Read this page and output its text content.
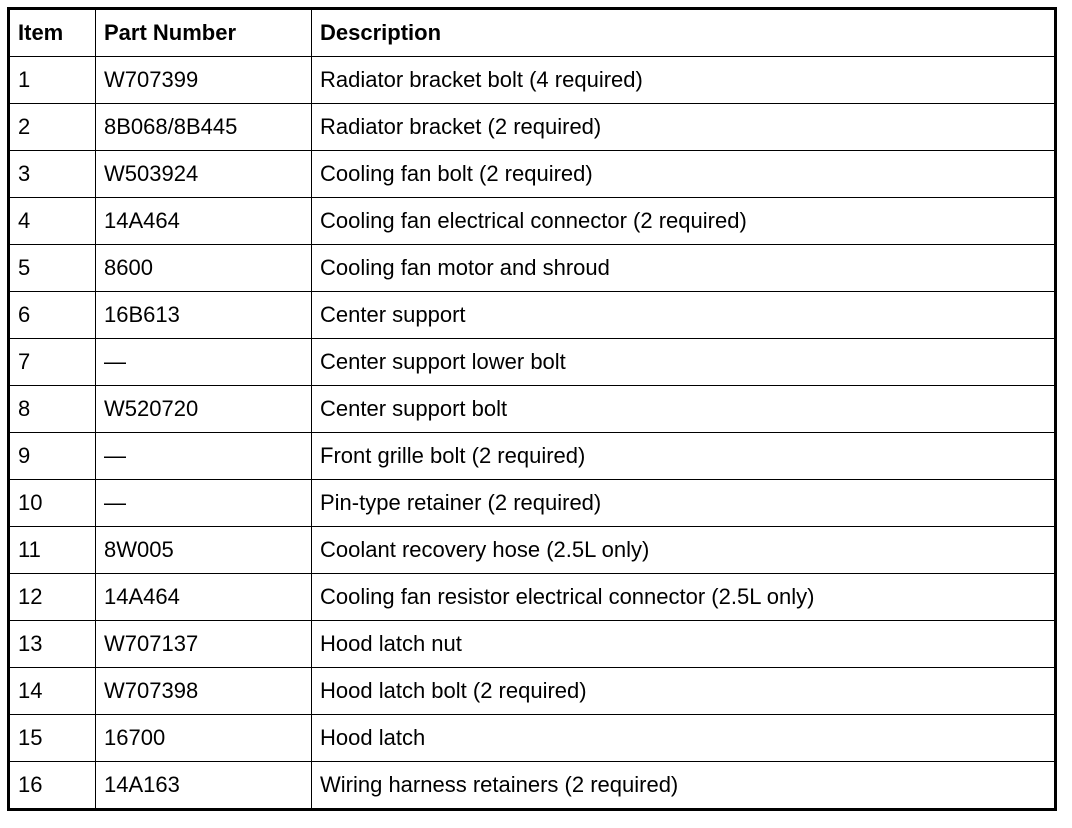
Item	Part Number	Description
1	W707399	Radiator bracket bolt (4 required)
2	8B068/8B445	Radiator bracket (2 required)
3	W503924	Cooling fan bolt (2 required)
4	14A464	Cooling fan electrical connector (2 required)
5	8600	Cooling fan motor and shroud
6	16B613	Center support
7	—	Center support lower bolt
8	W520720	Center support bolt
9	—	Front grille bolt (2 required)
10	—	Pin-type retainer (2 required)
11	8W005	Coolant recovery hose (2.5L only)
12	14A464	Cooling fan resistor electrical connector (2.5L only)
13	W707137	Hood latch nut
14	W707398	Hood latch bolt (2 required)
15	16700	Hood latch
16	14A163	Wiring harness retainers (2 required)
